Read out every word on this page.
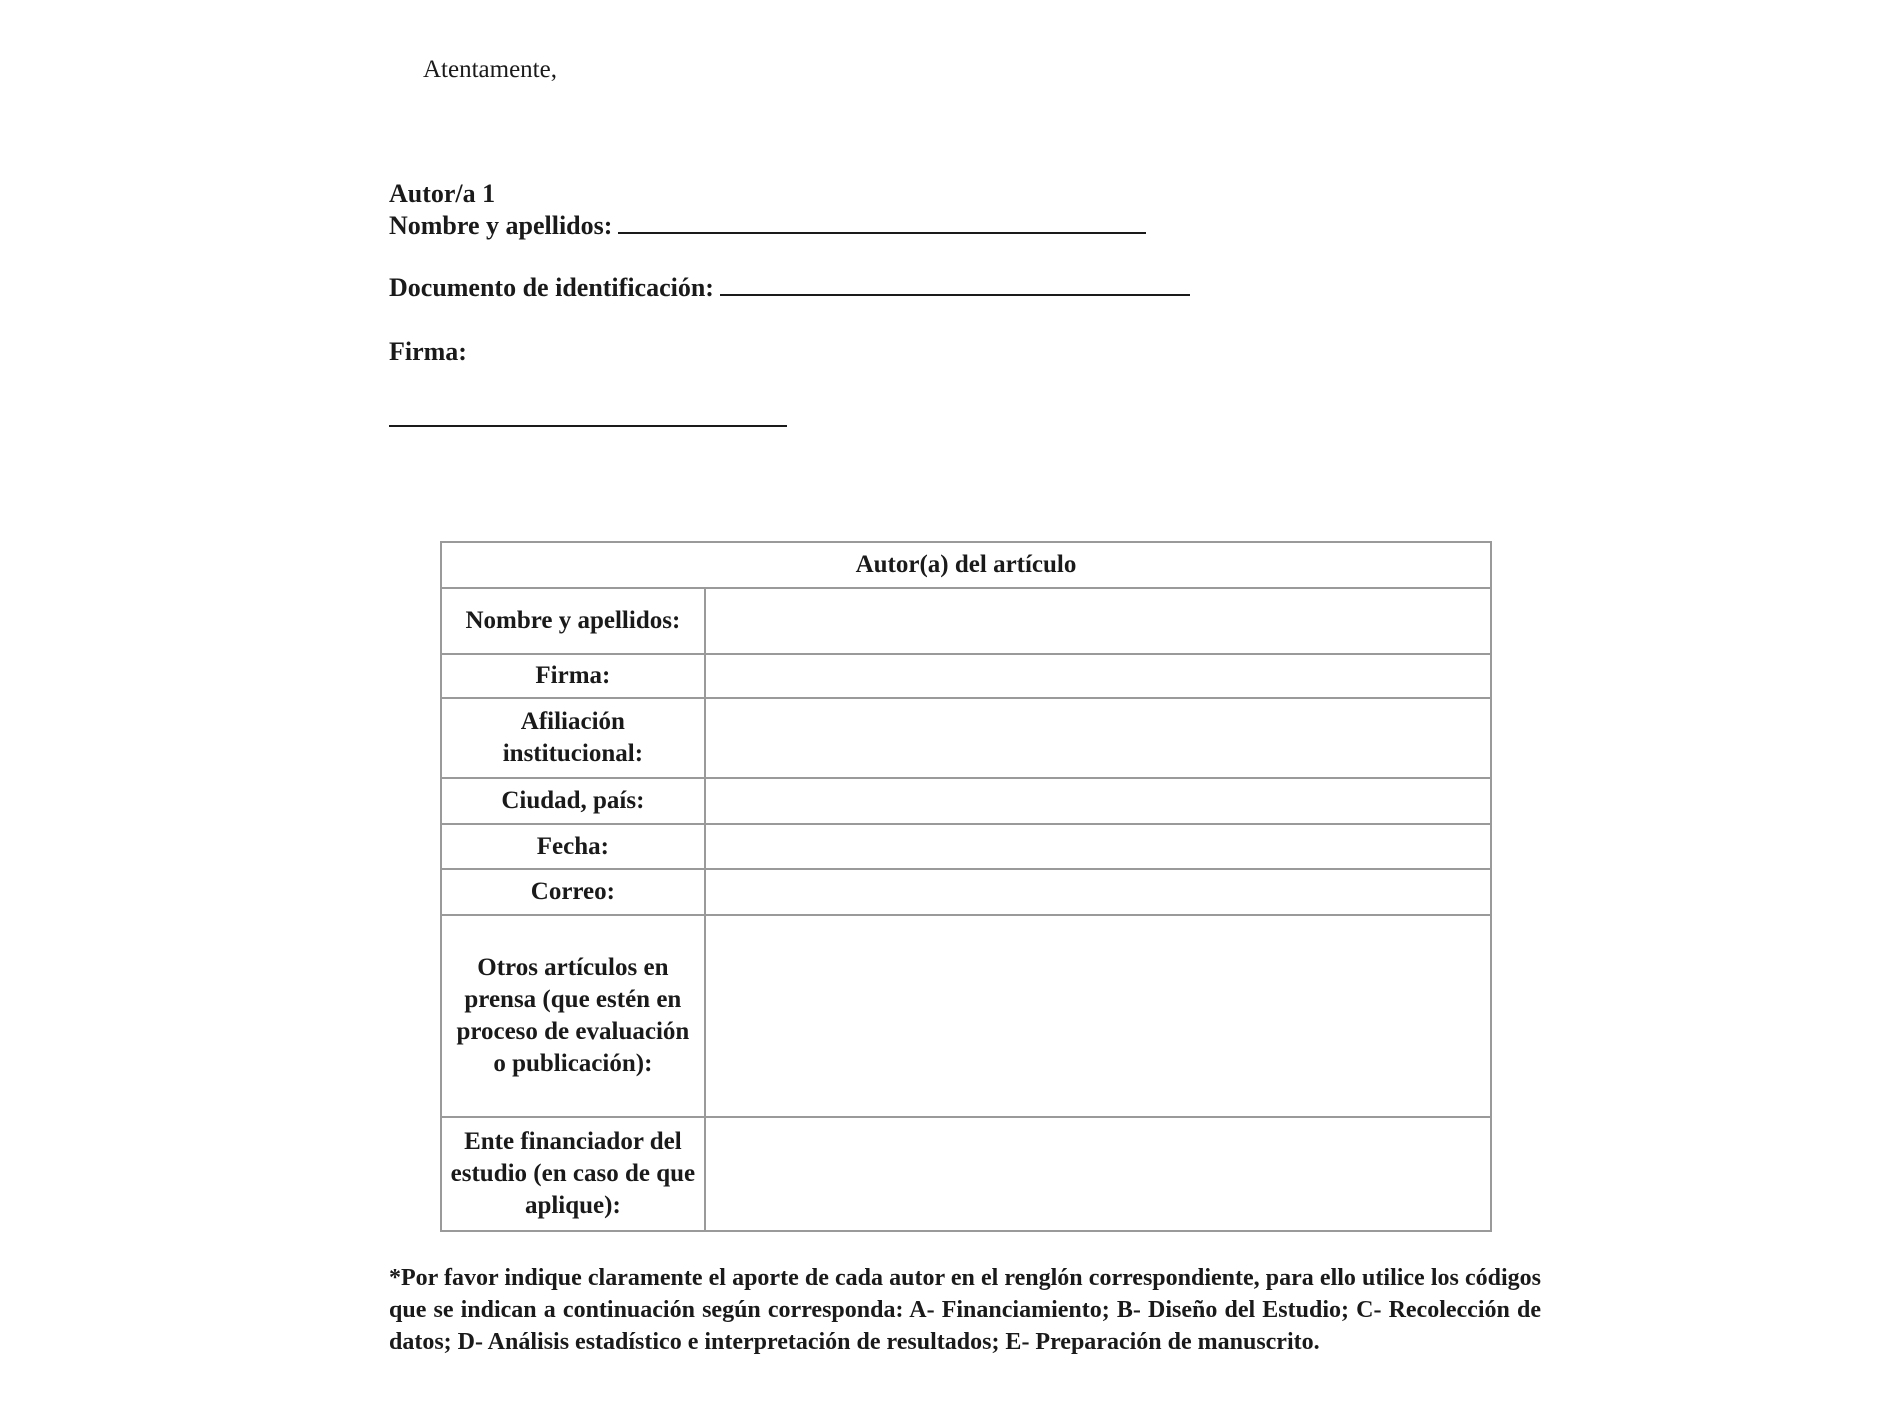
Atentamente,
Autor/a 1
Nombre y apellidos:
Documento de identificación:
Firma:
Autor(a) del artículo	
Nombre y apellidos:	
Firma:	
Afiliación institucional:	
Ciudad, país:	
Fecha:	
Correo:	
Otros artículos en prensa (que estén en proceso de evaluación o publicación):	
Ente financiador del estudio (en caso de que aplique):	
*Por favor indique claramente el aporte de cada autor en el renglón correspondiente, para ello utilice los códigos que se indican a continuación según corresponda: A- Financiamiento; B- Diseño del Estudio; C- Recolección de datos; D- Análisis estadístico e interpretación de resultados; E- Preparación de manuscrito.
